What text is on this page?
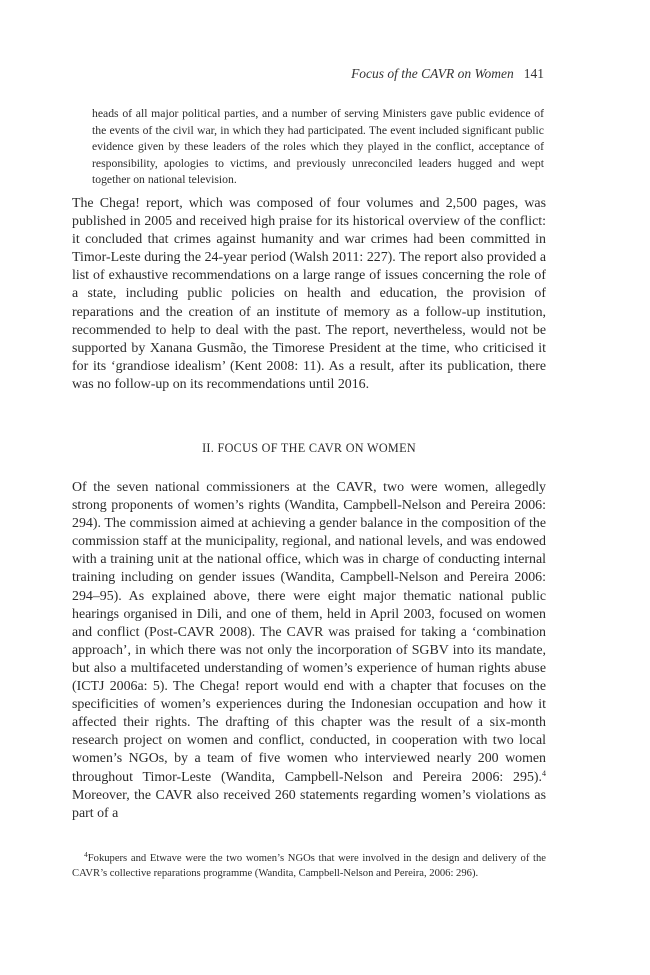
Focus of the CAVR on Women 141

heads of all major political parties, and a number of serving Ministers gave public evidence of the events of the civil war, in which they had participated. The event included significant public evidence given by these leaders of the roles which they played in the conflict, acceptance of responsibility, apologies to victims, and previously unreconciled leaders hugged and wept together on national television.

The Chega! report, which was composed of four volumes and 2,500 pages, was published in 2005 and received high praise for its historical overview of the conflict: it concluded that crimes against humanity and war crimes had been committed in Timor-Leste during the 24-year period (Walsh 2011: 227). The report also provided a list of exhaustive recommendations on a large range of issues concerning the role of a state, including public policies on health and education, the provision of reparations and the creation of an institute of memory as a follow-up institution, recommended to help to deal with the past. The report, nevertheless, would not be supported by Xanana Gusmão, the Timorese President at the time, who criticised it for its ‘grandiose idealism’ (Kent 2008: 11). As a result, after its publication, there was no follow-up on its recommendations until 2016.

II. FOCUS OF THE CAVR ON WOMEN

Of the seven national commissioners at the CAVR, two were women, allegedly strong proponents of women’s rights (Wandita, Campbell-Nelson and Pereira 2006: 294). The commission aimed at achieving a gender balance in the composition of the commission staff at the municipality, regional, and national levels, and was endowed with a training unit at the national office, which was in charge of conducting internal training including on gender issues (Wandita, Campbell-Nelson and Pereira 2006: 294–95). As explained above, there were eight major thematic national public hearings organised in Dili, and one of them, held in April 2003, focused on women and conflict (Post-CAVR 2008). The CAVR was praised for taking a ‘combination approach’, in which there was not only the incorporation of SGBV into its mandate, but also a multifaceted understanding of women’s experience of human rights abuse (ICTJ 2006a: 5). The Chega! report would end with a chapter that focuses on the specificities of women’s experiences during the Indonesian occupation and how it affected their rights. The drafting of this chapter was the result of a six-month research project on women and conflict, conducted, in cooperation with two local women’s NGOs, by a team of five women who interviewed nearly 200 women throughout Timor-Leste (Wandita, Campbell-Nelson and Pereira 2006: 295).$^4$ Moreover, the CAVR also received 260 statements regarding women’s violations as part of a

$^4$Fokupers and Etwave were the two women’s NGOs that were involved in the design and delivery of the CAVR’s collective reparations programme (Wandita, Campbell-Nelson and Pereira, 2006: 296).
